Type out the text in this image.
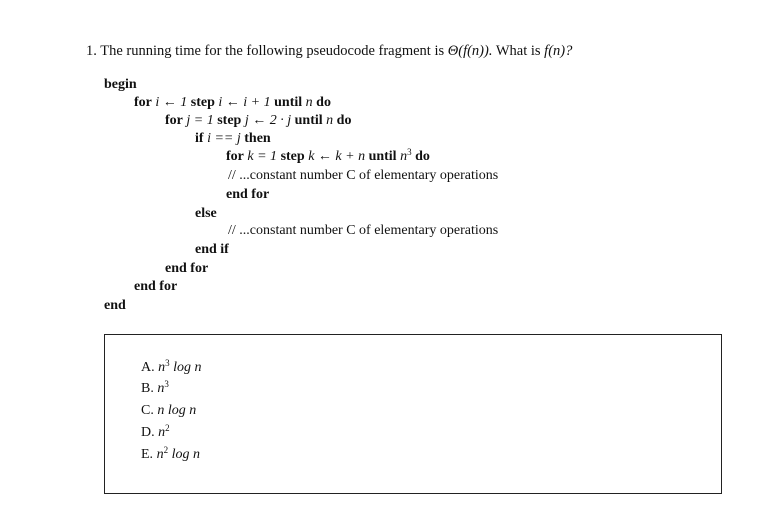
1. The running time for the following pseudocode fragment is Θ(f(n)). What is f(n)?
begin
for i ← 1 step i ← i + 1 until n do
for j = 1 step j ← 2 · j until n do
if i == j then
for k = 1 step k ← k + n until $n^3$ do
// ...constant number C of elementary operations
end for
else
// ...constant number C of elementary operations
end if
end for
end for
end
A. $n^3$ log n
B. $n^3$
C. n log n
D. $n^2$
E. $n^2$ log n
